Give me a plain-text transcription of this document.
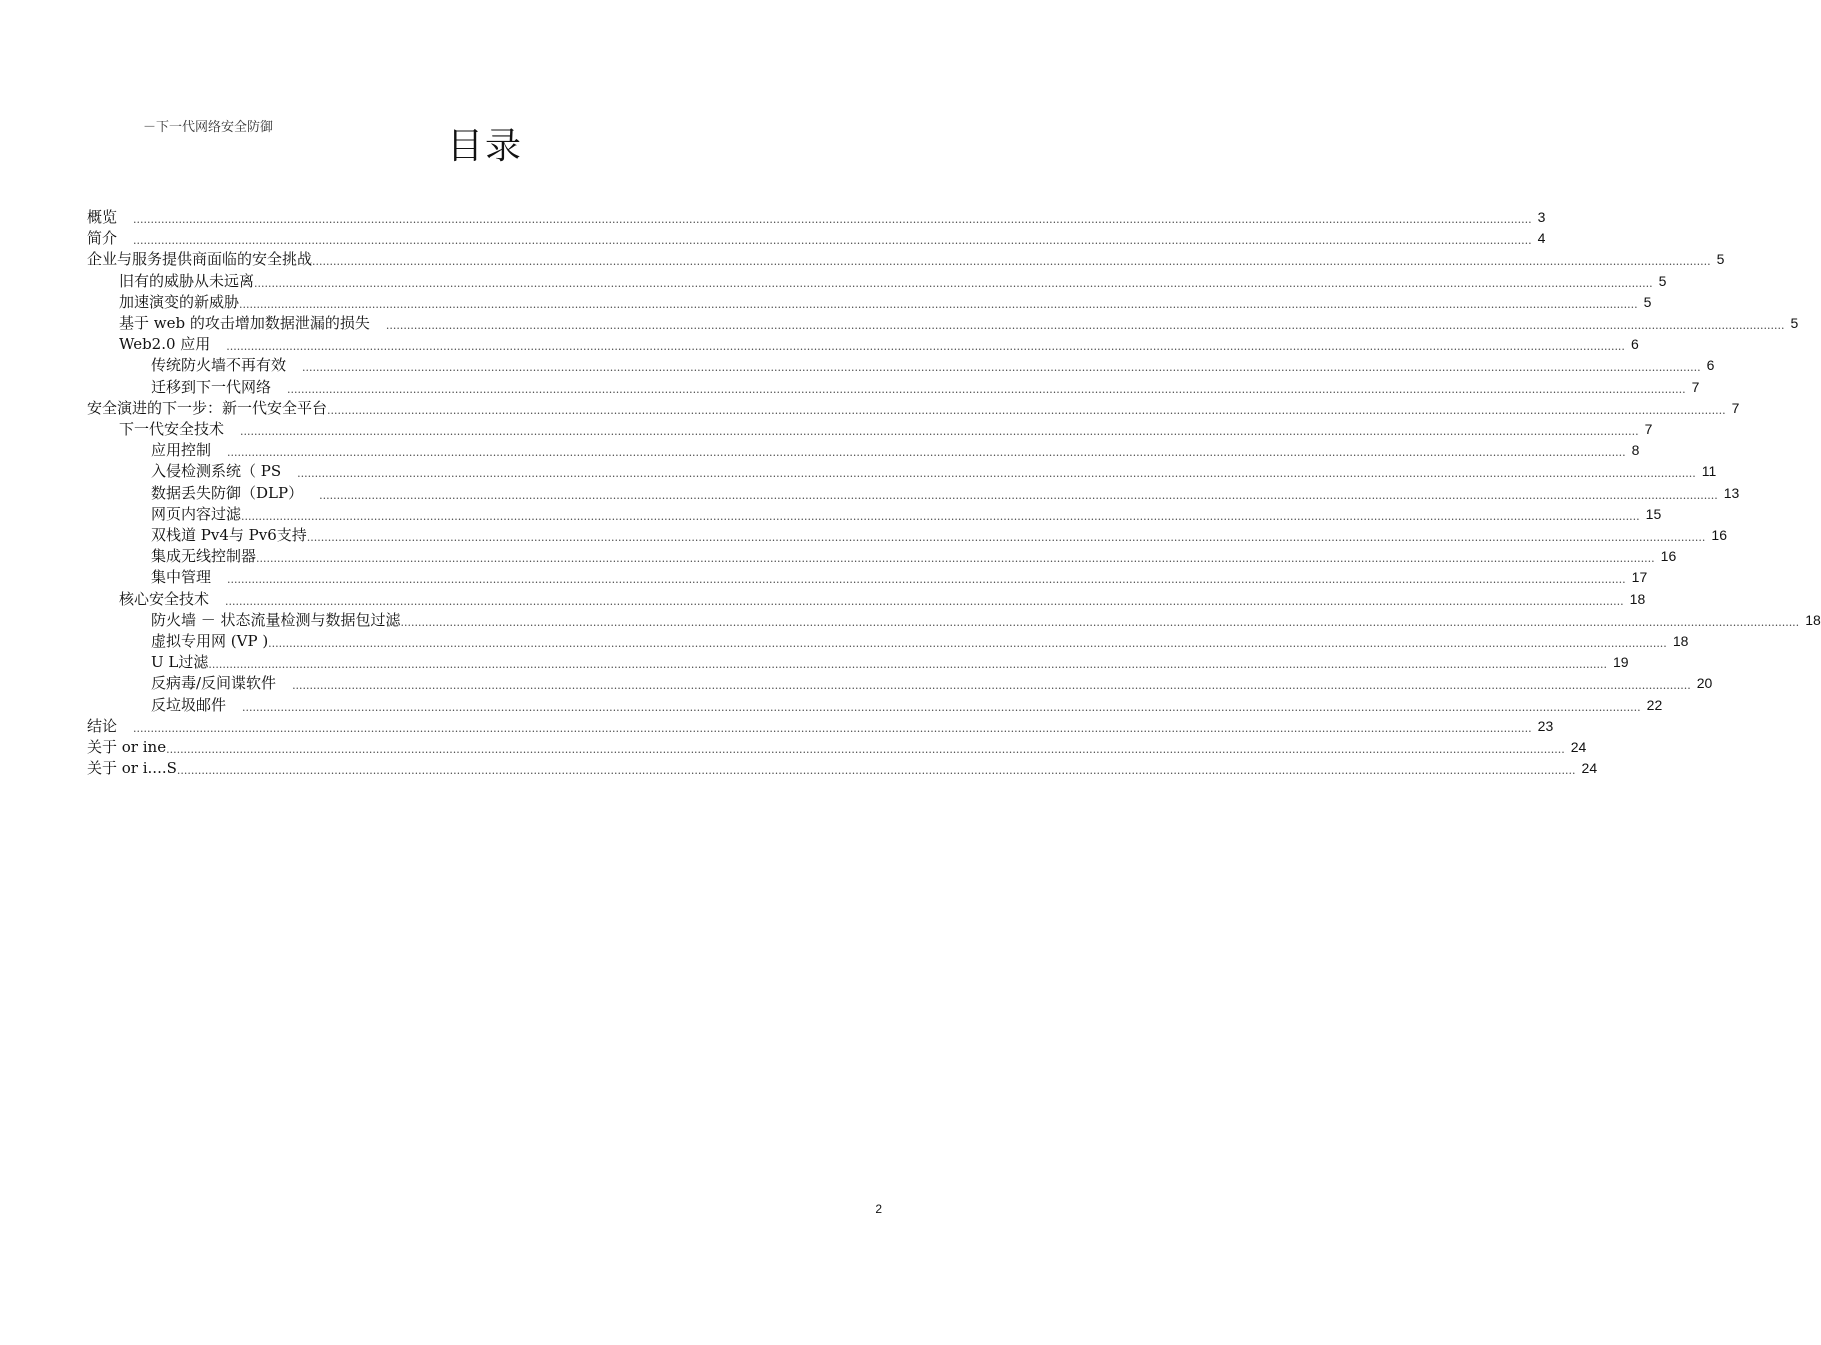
－下一代网络安全防御	目录
概览 ................................................................................................................................................................................................................................................................................................................................................................................................................ 3
简介 ................................................................................................................................................................................................................................................................................................................................................................................................................ 4
企业与服务提供商面临的安全挑战 ................................................................................................................................................................................................................................................................................................................................................................................................................ 5
旧有的威胁从未远离 ................................................................................................................................................................................................................................................................................................................................................................................................................ 5
加速演变的新威胁 ................................................................................................................................................................................................................................................................................................................................................................................................................ 5
基于 web 的攻击增加数据泄漏的损失 ................................................................................................................................................................................................................................................................................................................................................................................................................ 5
Web2.0 应用 ................................................................................................................................................................................................................................................................................................................................................................................................................ 6
传统防火墙不再有效 ................................................................................................................................................................................................................................................................................................................................................................................................................ 6
迁移到下一代网络 ................................................................................................................................................................................................................................................................................................................................................................................................................ 7
安全演进的下一步：新一代安全平台 ................................................................................................................................................................................................................................................................................................................................................................................................................ 7
下一代安全技术 ................................................................................................................................................................................................................................................................................................................................................................................................................ 7
应用控制 ................................................................................................................................................................................................................................................................................................................................................................................................................ 8
入侵检测系统（ PS ................................................................................................................................................................................................................................................................................................................................................................................................................ 11
数据丢失防御（DLP） ................................................................................................................................................................................................................................................................................................................................................................................................................ 13
网页内容过滤 ................................................................................................................................................................................................................................................................................................................................................................................................................ 15
双栈道 Pv4与 Pv6支持 ................................................................................................................................................................................................................................................................................................................................................................................................................ 16
集成无线控制器 ................................................................................................................................................................................................................................................................................................................................................................................................................ 16
集中管理 ................................................................................................................................................................................................................................................................................................................................................................................................................ 17
核心安全技术 ................................................................................................................................................................................................................................................................................................................................................................................................................ 18
防火墙 － 状态流量检测与数据包过滤 ................................................................................................................................................................................................................................................................................................................................................................................................................ 18
虚拟专用网 (VP ) ................................................................................................................................................................................................................................................................................................................................................................................................................ 18
U L过滤 ................................................................................................................................................................................................................................................................................................................................................................................................................ 19
反病毒/反间谍软件 ................................................................................................................................................................................................................................................................................................................................................................................................................ 20
反垃圾邮件 ................................................................................................................................................................................................................................................................................................................................................................................................................ 22
结论 ................................................................................................................................................................................................................................................................................................................................................................................................................ 23
关于 or ine ................................................................................................................................................................................................................................................................................................................................................................................................................ 24
关于 or i....S ................................................................................................................................................................................................................................................................................................................................................................................................................ 24
2
